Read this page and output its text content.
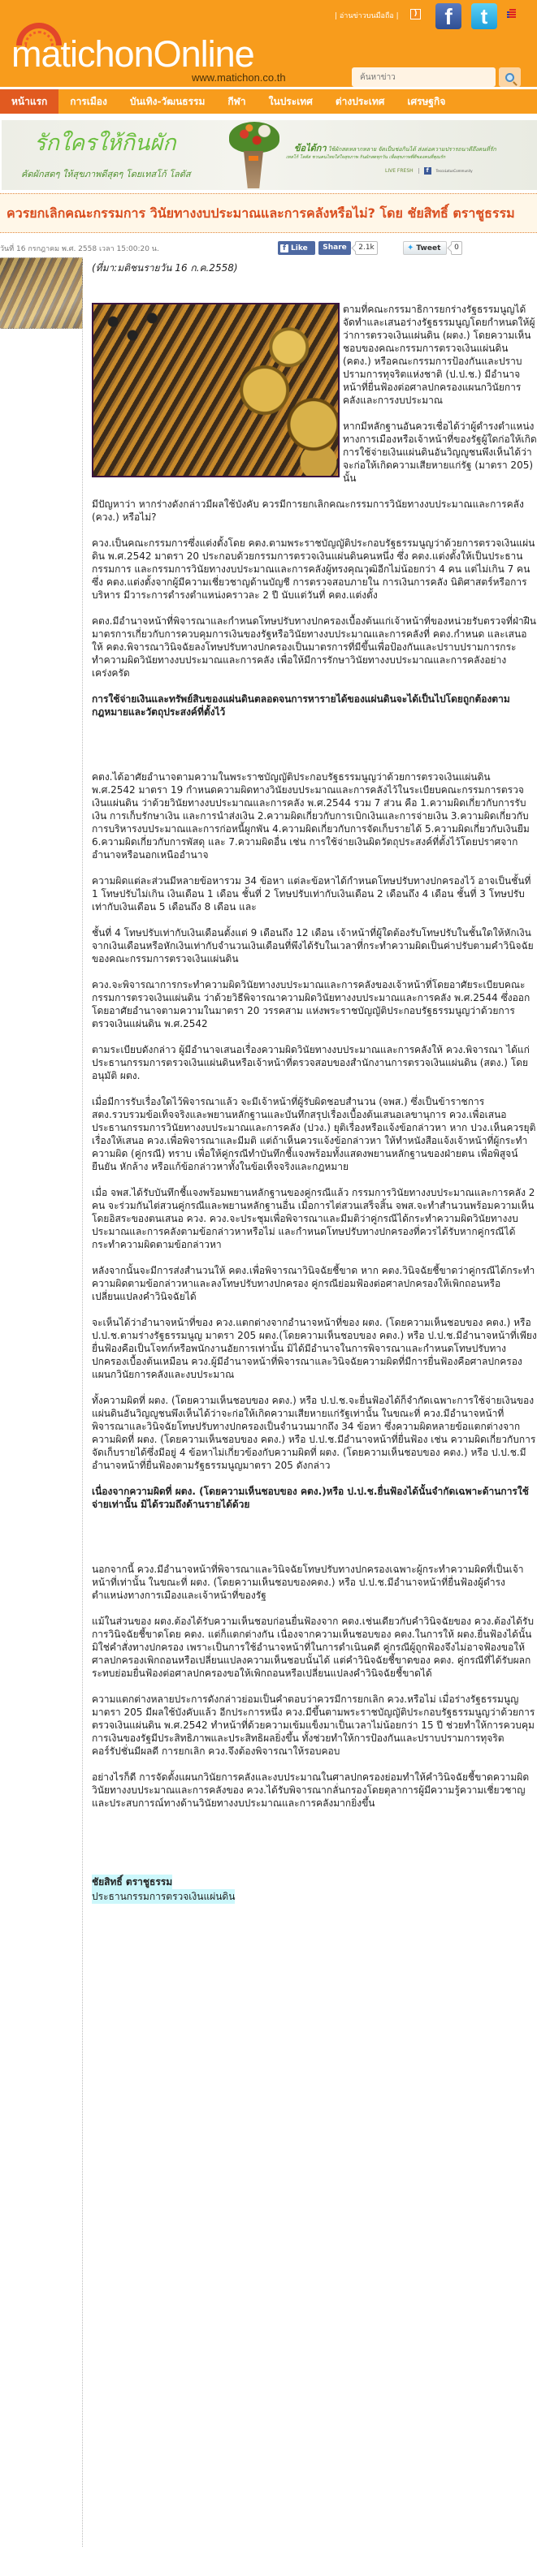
matichonOnline
www.matichon.co.th
| อ่านข่าวบนมือถือ |	)	f	t
ค้นหาข่าว
หน้าแรก	การเมือง	บันเทิง-วัฒนธรรม	กีฬา	ในประเทศ	ต่างประเทศ	เศรษฐกิจ
รักใครให้กินผัก
คัดผักสดๆ ให้สุขภาพดีสุดๆ โดยเทสโก้ โลตัส
ข้อได้กา ใช้ผักสดหลากหลาย จัดเป็นช่อกินได้ ส่งต่อความปรารถนาดีถึงคนที่รัก
เทสโก้ โลตัส ชวนคนไทยใส่ใจสุขภาพ กินผักสดทุกวัน เพื่อสุขภาพที่ดีของคนที่คุณรัก
LIVE FRESH	f	TescoLotusCommunity
ควรยกเลิกคณะกรรมการ วินัยทางงบประมาณและการคลังหรือไม่? โดย ชัยสิทธิ์ ตราชูธรรม
วันที่ 16 กรกฎาคม พ.ศ. 2558 เวลา 15:00:20 น.	f Like	Share	2.1k	✦ Tweet	0
(ที่มา:มติชนรายวัน 16 ก.ค.2558)

ตามที่คณะกรรมาธิการยกร่างรัฐธรรมนูญได้จัดทำและเสนอร่างรัฐธรรมนูญโดยกำหนดให้ผู้ว่าการตรวจเงินแผ่นดิน (ผตง.) โดยความเห็นชอบของคณะกรรมการตรวจเงินแผ่นดิน (คตง.) หรือคณะกรรมการป้องกันและปราบปรามการทุจริตแห่งชาติ (ป.ป.ช.) มีอำนาจหน้าที่ยื่นฟ้องต่อศาลปกครองแผนกวินัยการคลังและการงบประมาณ

หากมีหลักฐานอันควรเชื่อได้ว่าผู้ดำรงตำแหน่งทางการเมืองหรือเจ้าหน้าที่ของรัฐผู้ใดก่อให้เกิดการใช้จ่ายเงินแผ่นดินอันวิญญูชนพึงเห็นได้ว่าจะก่อให้เกิดความเสียหายแก่รัฐ (มาตรา 205) นั้น

มีปัญหาว่า หากร่างดังกล่าวมีผลใช้บังคับ ควรมีการยกเลิกคณะกรรมการวินัยทางงบประมาณและการคลัง (ควง.) หรือไม่?

ควง.เป็นคณะกรรมการซึ่งแต่งตั้งโดย คตง.ตามพระราชบัญญัติประกอบรัฐธรรมนูญว่าด้วยการตรวจเงินแผ่นดิน พ.ศ.2542 มาตรา 20 ประกอบด้วยกรรมการตรวจเงินแผ่นดินคนหนึ่ง ซึ่ง คตง.แต่งตั้งให้เป็นประธานกรรมการ และกรรมการวินัยทางงบประมาณและการคลังผู้ทรงคุณวุฒิอีกไม่น้อยกว่า 4 คน แต่ไม่เกิน 7 คน ซึ่ง คตง.แต่งตั้งจากผู้มีความเชี่ยวชาญด้านบัญชี การตรวจสอบภายใน การเงินการคลัง นิติศาสตร์หรือการบริหาร มีวาระการดำรงตำแหน่งคราวละ 2 ปี นับแต่วันที่ คตง.แต่งตั้ง

คตง.มีอำนาจหน้าที่พิจารณาและกำหนดโทษปรับทางปกครองเบื้องต้นแก่เจ้าหน้าที่ของหน่วยรับตรวจที่ฝ่าฝืนมาตรการเกี่ยวกับการควบคุมการเงินของรัฐหรือวินัยทางงบประมาณและการคลังที่ คตง.กำหนด และเสนอให้ คตง.พิจารณาวินิจฉัยลงโทษปรับทางปกครองเป็นมาตรการที่มีขึ้นเพื่อป้องกันและปราบปรามการกระทำความผิดวินัยทางงบประมาณและการคลัง เพื่อให้มีการรักษาวินัยทางงบประมาณและการคลังอย่างเคร่งครัด

การใช้จ่ายเงินและทรัพย์สินของแผ่นดินตลอดจนการหารายได้ของแผ่นดินจะได้เป็นไปโดยถูกต้องตามกฎหมายและวัตถุประสงค์ที่ตั้งไว้

คตง.ได้อาศัยอำนาจตามความในพระราชบัญญัติประกอบรัฐธรรมนูญว่าด้วยการตรวจเงินแผ่นดิน พ.ศ.2542 มาตรา 19 กำหนดความผิดทางวินัยงบประมาณและการคลังไว้ในระเบียบคณะกรรมการตรวจเงินแผ่นดิน ว่าด้วยวินัยทางงบประมาณและการคลัง พ.ศ.2544 รวม 7 ส่วน คือ 1.ความผิดเกี่ยวกับการรับเงิน การเก็บรักษาเงิน และการนำส่งเงิน 2.ความผิดเกี่ยวกับการเบิกเงินและการจ่ายเงิน 3.ความผิดเกี่ยวกับการบริหารงบประมาณและการก่อหนี้ผูกพัน 4.ความผิดเกี่ยวกับการจัดเก็บรายได้ 5.ความผิดเกี่ยวกับเงินยืม 6.ความผิดเกี่ยวกับการพัสดุ และ 7.ความผิดอื่น เช่น การใช้จ่ายเงินผิดวัตถุประสงค์ที่ตั้งไว้โดยปราศจากอำนาจหรือนอกเหนืออำนาจ

ความผิดแต่ละส่วนมีหลายข้อหารวม 34 ข้อหา แต่ละข้อหาได้กำหนดโทษปรับทางปกครองไว้ อาจเป็นชั้นที่ 1 โทษปรับไม่เกิน เงินเดือน 1 เดือน ชั้นที่ 2 โทษปรับเท่ากับเงินเดือน 2 เดือนถึง 4 เดือน ชั้นที่ 3 โทษปรับเท่ากับเงินเดือน 5 เดือนถึง 8 เดือน และ

ชั้นที่ 4 โทษปรับเท่ากับเงินเดือนตั้งแต่ 9 เดือนถึง 12 เดือน เจ้าหน้าที่ผู้ใดต้องรับโทษปรับในชั้นใดให้หักเงินจากเงินเดือนหรือหักเงินเท่ากับจำนวนเงินเดือนที่พึงได้รับในเวลาที่กระทำความผิดเป็นค่าปรับตามคำวินิจฉัยของคณะกรรมการตรวจเงินแผ่นดิน

ควง.จะพิจารณาการกระทำความผิดวินัยทางงบประมาณและการคลังของเจ้าหน้าที่โดยอาศัยระเบียบคณะกรรมการตรวจเงินแผ่นดิน ว่าด้วยวิธีพิจารณาความผิดวินัยทางงบประมาณและการคลัง พ.ศ.2544 ซึ่งออกโดยอาศัยอำนาจตามความในมาตรา 20 วรรคสาม แห่งพระราชบัญญัติประกอบรัฐธรรมนูญว่าด้วยการตรวจเงินแผ่นดิน พ.ศ.2542

ตามระเบียบดังกล่าว ผู้มีอำนาจเสนอเรื่องความผิดวินัยทางงบประมาณและการคลังให้ ควง.พิจารณา ได้แก่ ประธานกรรมการตรวจเงินแผ่นดินหรือเจ้าหน้าที่ตรวจสอบของสำนักงานการตรวจเงินแผ่นดิน (สตง.) โดยอนุมัติ ผตง.

เมื่อมีการรับเรื่องใดไว้พิจารณาแล้ว จะมีเจ้าหน้าที่ผู้รับผิดชอบสำนวน (จพส.) ซึ่งเป็นข้าราชการ สตง.รวบรวมข้อเท็จจริงและพยานหลักฐานและบันทึกสรุปเรื่องเบื้องต้นเสนอเลขานุการ ควง.เพื่อเสนอประธานกรรมการวินัยทางงบประมาณและการคลัง (ปวง.) ยุติเรื่องหรือแจ้งข้อกล่าวหา หาก ปวง.เห็นควรยุติเรื่องให้เสนอ ควง.เพื่อพิจารณาและมีมติ แต่ถ้าเห็นควรแจ้งข้อกล่าวหา ให้ทำหนังสือแจ้งเจ้าหน้าที่ผู้กระทำความผิด (คู่กรณี) ทราบ เพื่อให้คู่กรณีทำบันทึกชี้แจงพร้อมทั้งแสดงพยานหลักฐานของฝ่ายตน เพื่อพิสูจน์ยืนยัน หักล้าง หรือแก้ข้อกล่าวหาทั้งในข้อเท็จจริงและกฎหมาย

เมื่อ จพส.ได้รับบันทึกชี้แจงพร้อมพยานหลักฐานของคู่กรณีแล้ว กรรมการวินัยทางงบประมาณและการคลัง 2 คน จะร่วมกันไต่สวนคู่กรณีและพยานหลักฐานอื่น เมื่อการไต่สวนเสร็จสิ้น จพส.จะทำสำนวนพร้อมความเห็นโดยอิสระของตนเสนอ ควง. ควง.จะประชุมเพื่อพิจารณาและมีมติว่าคู่กรณีได้กระทำความผิดวินัยทางงบประมาณและการคลังตามข้อกล่าวหาหรือไม่ และกำหนดโทษปรับทางปกครองที่ควรได้รับหากคู่กรณีได้กระทำความผิดตามข้อกล่าวหา

หลังจากนั้นจะมีการส่งสำนวนให้ คตง.เพื่อพิจารณาวินิจฉัยชี้ขาด หาก คตง.วินิจฉัยชี้ขาดว่าคู่กรณีได้กระทำความผิดตามข้อกล่าวหาและลงโทษปรับทางปกครอง คู่กรณีย่อมฟ้องต่อศาลปกครองให้เพิกถอนหรือเปลี่ยนแปลงคำวินิจฉัยได้

จะเห็นได้ว่าอำนาจหน้าที่ของ ควง.แตกต่างจากอำนาจหน้าที่ของ ผตง. (โดยความเห็นชอบของ คตง.) หรือ ป.ป.ช.ตามร่างรัฐธรรมนูญ มาตรา 205 ผตง.(โดยความเห็นชอบของ คตง.) หรือ ป.ป.ช.มีอำนาจหน้าที่เพียงยื่นฟ้องคือเป็นโจทก์หรือพนักงานอัยการเท่านั้น มิได้มีอำนาจในการพิจารณาและกำหนดโทษปรับทางปกครองเบื้องต้นเหมือน ควง.ผู้มีอำนาจหน้าที่พิจารณาและวินิจฉัยความผิดที่มีการยื่นฟ้องคือศาลปกครองแผนกวินัยการคลังและงบประมาณ

ทั้งความผิดที่ ผตง. (โดยความเห็นชอบของ คตง.) หรือ ป.ป.ช.จะยื่นฟ้องได้ก็จำกัดเฉพาะการใช้จ่ายเงินของแผ่นดินอันวิญญูชนพึงเห็นได้ว่าจะก่อให้เกิดความเสียหายแก่รัฐเท่านั้น ในขณะที่ ควง.มีอำนาจหน้าที่พิจารณาและวินิจฉัยโทษปรับทางปกครองเป็นจำนวนมากถึง 34 ข้อหา ซึ่งความผิดหลายข้อแตกต่างจากความผิดที่ ผตง. (โดยความเห็นชอบของ คตง.) หรือ ป.ป.ช.มีอำนาจหน้าที่ยื่นฟ้อง เช่น ความผิดเกี่ยวกับการจัดเก็บรายได้ซึ่งมีอยู่ 4 ข้อหาไม่เกี่ยวข้องกับความผิดที่ ผตง. (โดยความเห็นชอบของ คตง.) หรือ ป.ป.ช.มีอำนาจหน้าที่ยื่นฟ้องตามรัฐธรรมนูญมาตรา 205 ดังกล่าว

เนื่องจากความผิดที่ ผตง. (โดยความเห็นชอบของ คตง.)หรือ ป.ป.ช.ยื่นฟ้องได้นั้นจำกัดเฉพาะด้านการใช้จ่ายเท่านั้น มิได้รวมถึงด้านรายได้ด้วย

นอกจากนี้ ควง.มีอำนาจหน้าที่พิจารณาและวินิจฉัยโทษปรับทางปกครองเฉพาะผู้กระทำความผิดที่เป็นเจ้าหน้าที่เท่านั้น ในขณะที่ ผตง. (โดยความเห็นชอบของคตง.) หรือ ป.ป.ช.มีอำนาจหน้าที่ยื่นฟ้องผู้ดำรงตำแหน่งทางการเมืองและเจ้าหน้าที่ของรัฐ

แม้ในส่วนของ ผตง.ต้องได้รับความเห็นชอบก่อนยื่นฟ้องจาก คตง.เช่นเดียวกับคำวินิจฉัยของ ควง.ต้องได้รับการวินิจฉัยชี้ขาดโดย คตง. แต่ก็แตกต่างกัน เนื่องจากความเห็นชอบของ คตง.ในการให้ ผตง.ยื่นฟ้องได้นั้นมิใช่คำสั่งทางปกครอง เพราะเป็นการใช้อำนาจหน้าที่ในการดำเนินคดี คู่กรณีผู้ถูกฟ้องจึงไม่อาจฟ้องขอให้ศาลปกครองเพิกถอนหรือเปลี่ยนแปลงความเห็นชอบนั้นได้ แต่คำวินิจฉัยชี้ขาดของ คตง. คู่กรณีที่ได้รับผลกระทบย่อมยื่นฟ้องต่อศาลปกครองขอให้เพิกถอนหรือเปลี่ยนแปลงคำวินิจฉัยชี้ขาดได้

ความแตกต่างหลายประการดังกล่าวย่อมเป็นคำตอบว่าควรมีการยกเลิก ควง.หรือไม่ เมื่อร่างรัฐธรรมนูญมาตรา 205 มีผลใช้บังคับแล้ว อีกประการหนึ่ง ควง.มีขึ้นตามพระราชบัญญัติประกอบรัฐธรรมนูญว่าด้วยการตรวจเงินแผ่นดิน พ.ศ.2542 ทำหน้าที่ด้วยความเข้มแข็งมาเป็นเวลาไม่น้อยกว่า 15 ปี ช่วยทำให้การควบคุมการเงินของรัฐมีประสิทธิภาพและประสิทธิผลยิ่งขึ้น ทั้งช่วยทำให้การป้องกันและปราบปรามการทุจริตคอร์รัปชั่นมีผลดี การยกเลิก ควง.จึงต้องพิจารณาให้รอบคอบ

อย่างไรก็ดี การจัดตั้งแผนกวินัยการคลังและงบประมาณในศาลปกครองย่อมทำให้คำวินิจฉัยชี้ขาดความผิดวินัยทางงบประมาณและการคลังของ ควง.ได้รับพิจารณากลั่นกรองโดยตุลาการผู้มีความรู้ความเชี่ยวชาญและประสบการณ์ทางด้านวินัยทางงบประมาณและการคลังมากยิ่งขึ้น

ชัยสิทธิ์ ตราชูธรรม
ประธานกรรมการตรวจเงินแผ่นดิน
